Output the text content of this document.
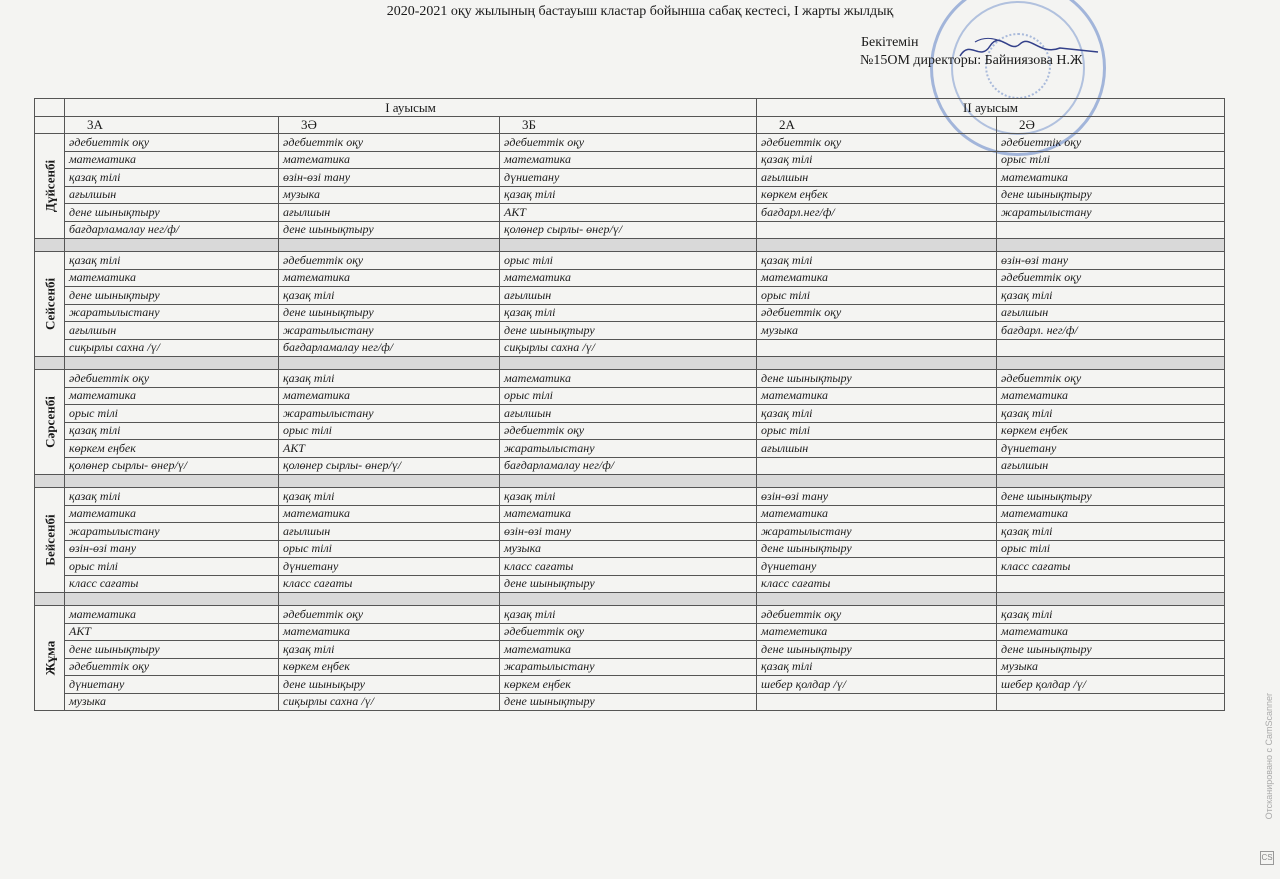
2020-2021 оқу жылының бастауыш кластар бойынша сабақ кестесі, І жарты жылдық
Бекітемін
№15ОМ директоры: Байниязова Н.Ж
	І ауысым			ІІ ауысым	
	3А	3Ә	3Б	2А	2Ә

Дүйсенбі	әдебиеттік оқу	әдебиеттік оқу	әдебиеттік оқу	әдебиеттік оқу	әдебиеттік оқу
	математика	математика	математика	қазақ тілі	орыс тілі
	қазақ тілі	өзін-өзі тану	дүниетану	ағылшын	математика
	ағылшын	музыка	қазақ тілі	көркем еңбек	дене шынықтыру
	дене шынықтыру	ағылшын	АКТ	бағдарл.нег/ф/	жаратылыстану
	бағдарламалау нег/ф/	дене шынықтыру	қолөнер сырлы- өнер/ү/		

Сейсенбі	қазақ тілі	әдебиеттік оқу	орыс тілі	қазақ тілі	өзін-өзі тану
	математика	математика	математика	математика	әдебиеттік оқу
	дене шынықтыру	қазақ тілі	ағылшын	орыс тілі	қазақ тілі
	жаратылыстану	дене шынықтыру	қазақ тілі	әдебиеттік оқу	ағылшын
	ағылшын	жаратылыстану	дене шынықтыру	музыка	бағдарл. нег/ф/
	сиқырлы сахна /ү/	бағдарламалау нег/ф/	сиқырлы сахна /ү/		

Сәрсенбі	әдебиеттік оқу	қазақ тілі	математика	дене шынықтыру	әдебиеттік оқу
	математика	математика	орыс тілі	математика	математика
	орыс тілі	жаратылыстану	ағылшын	қазақ тілі	қазақ тілі
	қазақ тілі	орыс тілі	әдебиеттік оқу	орыс тілі	көркем еңбек
	көркем еңбек	АКТ	жаратылыстану	ағылшын	дүниетану
	қолөнер сырлы- өнер/ү/	қолөнер сырлы- өнер/ү/	бағдарламалау нег/ф/		ағылшын

Бейсенбі	қазақ тілі	қазақ тілі	қазақ тілі	өзін-өзі тану	дене шынықтыру
	математика	математика	математика	математика	математика
	жаратылыстану	ағылшын	өзін-өзі тану	жаратылыстану	қазақ тілі
	өзін-өзі тану	орыс тілі	музыка	дене шынықтыру	орыс тілі
	орыс тілі	дүниетану	класс сағаты	дүниетану	класс сағаты
	класс сағаты	класс сағаты	дене шынықтыру	класс сағаты	

Жұма	математика	әдебиеттік оқу	қазақ тілі	әдебиеттік оқу	қазақ тілі
	АКТ	математика	әдебиеттік оқу	матеметика	математика
	дене шынықтыру	қазақ тілі	математика	дене шынықтыру	дене шынықтыру
	әдебиеттік оқу	көркем еңбек	жаратылыстану	қазақ тілі	музыка
	дүниетану	дене шынықыру	көркем еңбек	шебер қолдар /ү/	шебер қолдар /ү/
	музыка	сиқырлы сахна /ү/	дене шынықтыру			Отсканировано с CamScanner
CS
